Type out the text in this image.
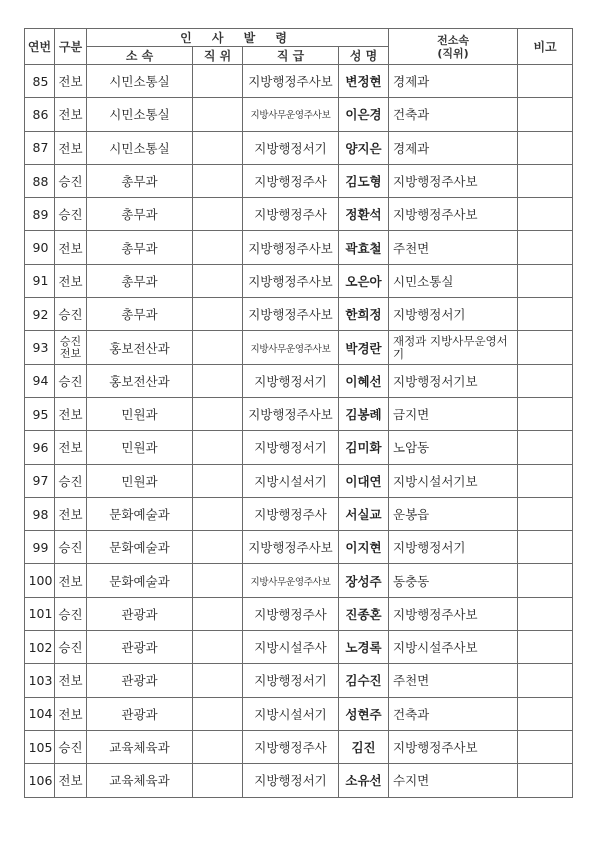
연번	구분	인 사 발 령				전소속
(직위)	비고
		소 속	직 위	직 급	성 명		
85	전보	시민소통실		지방행정주사보	변정현	경제과	
86	전보	시민소통실		지방사무운영주사보	이은경	건축과	
87	전보	시민소통실		지방행정서기	양지은	경제과	
88	승진	총무과		지방행정주사	김도형	지방행정주사보	
89	승진	총무과		지방행정주사	정환석	지방행정주사보	
90	전보	총무과		지방행정주사보	곽효철	주천면	
91	전보	총무과		지방행정주사보	오은아	시민소통실	
92	승진	총무과		지방행정주사보	한희정	지방행정서기	
93	승진 전보	홍보전산과		지방사무운영주사보	박경란	재정과 지방사무운영서기	
94	승진	홍보전산과		지방행정서기	이혜선	지방행정서기보	
95	전보	민원과		지방행정주사보	김봉례	금지면	
96	전보	민원과		지방행정서기	김미화	노암동	
97	승진	민원과		지방시설서기	이대연	지방시설서기보	
98	전보	문화예술과		지방행정주사	서실교	운봉읍	
99	승진	문화예술과		지방행정주사보	이지현	지방행정서기	
100	전보	문화예술과		지방사무운영주사보	장성주	동충동	
101	승진	관광과		지방행정주사	진종혼	지방행정주사보	
102	승진	관광과		지방시설주사	노경록	지방시설주사보	
103	전보	관광과		지방행정서기	김수진	주천면	
104	전보	관광과		지방시설서기	성현주	건축과	
105	승진	교육체육과		지방행정주사	김진	지방행정주사보	
106	전보	교육체육과		지방행정서기	소유선	수지면	
